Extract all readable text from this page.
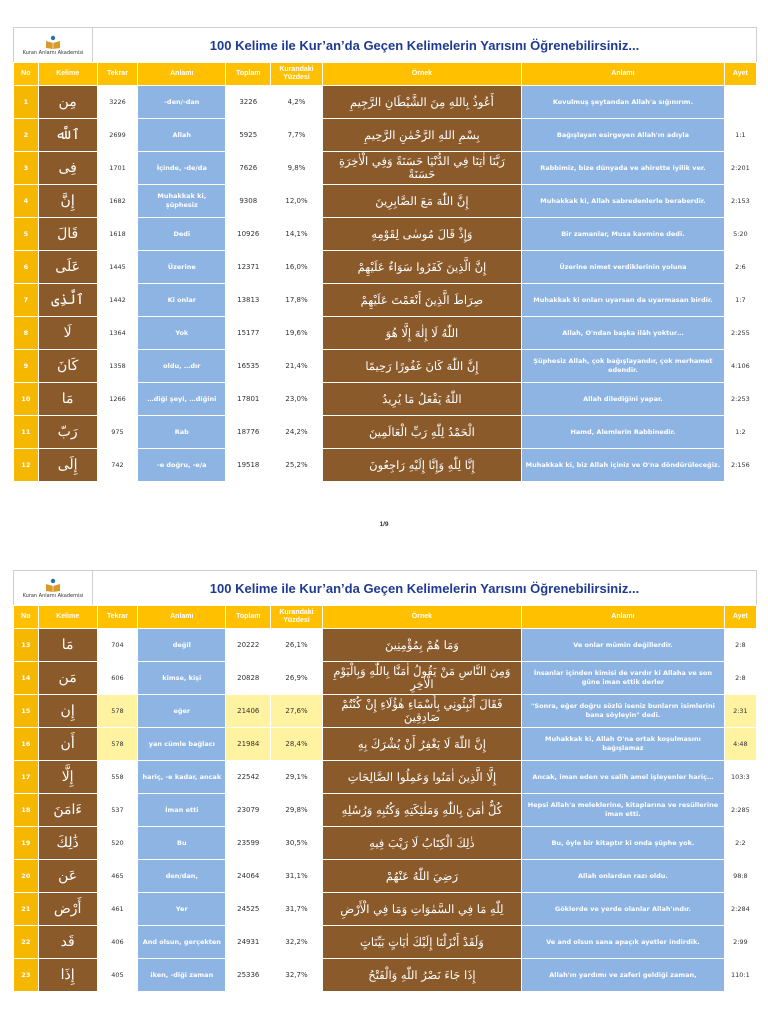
Kuran Anlamı Akademisi	100 Kelime ile Kur’an’da Geçen Kelimelerin Yarısını Öğrenebilirsiniz...
No	Kelime	Tekrar	Anlamı	Toplam	Kurandaki Yüzdesi	Örnek	Anlamı	Ayet
1	مِن	3226	-den/-dan	3226	4,2%	أَعُوذُ بِاللهِ مِنَ الشَّيْطَانِ الرَّجِيمِ	Kovulmuş şeytandan Allah'a sığınırım.	
2	ٱللَّه	2699	Allah	5925	7,7%	بِسْمِ اللهِ الرَّحْمٰنِ الرَّحِيمِ	Bağışlayan esirgeyen Allah'ın adıyla	1:1
3	فِى	1701	İçinde, -de/da	7626	9,8%	رَبَّنَا اٰتِنَا فِي الدُّنْيَا حَسَنَةً وَفِي الْاٰخِرَةِ حَسَنَةً	Rabbimiz, bize dünyada ve ahirette iyilik ver.	2:201
4	إِنَّ	1682	Muhakkak ki, şüphesiz	9308	12,0%	إِنَّ اللّٰهَ مَعَ الصَّابِرِينَ	Muhakkak ki, Allah sabredenlerle beraberdir.	2:153
5	قَالَ	1618	Dedi	10926	14,1%	وَإِذْ قَالَ مُوسٰى لِقَوْمِهِ	Bir zamanlar, Musa kavmine dedi.	5:20
6	عَلَى	1445	Üzerine	12371	16,0%	إِنَّ الَّذِينَ كَفَرُوا سَوَاءٌ عَلَيْهِمْ	Üzerine nimet verdiklerinin yoluna	2:6
7	ٱلَّذِى	1442	Ki onlar	13813	17,8%	صِرَاطَ الَّذِينَ أَنْعَمْتَ عَلَيْهِمْ	Muhakkak ki onları uyarsan da uyarmasan birdir.	1:7
8	لَا	1364	Yok	15177	19,6%	اللّٰهُ لَا إِلٰهَ إِلَّا هُوَ	Allah, O'ndan başka ilâh yoktur…	2:255
9	كَانَ	1358	oldu, …dır	16535	21,4%	إِنَّ اللّٰهَ كَانَ غَفُورًا رَحِيمًا	Şüphesiz Allah, çok bağışlayandır, çok merhamet edendir.	4:106
10	مَا	1266	…diği şeyi, …diğini	17801	23,0%	اللّٰهُ يَفْعَلُ مَا يُرِيدُ	Allah dilediğini yapar.	2:253
11	رَبّ	975	Rab	18776	24,2%	الْحَمْدُ لِلّٰهِ رَبِّ الْعَالَمِينَ	Hamd, Alemlerin Rabbinedir.	1:2
12	إِلَى	742	-e doğru, -e/a	19518	25,2%	إِنَّا لِلّٰهِ وَإِنَّا إِلَيْهِ رَاجِعُونَ	Muhakkak ki, biz Allah içiniz ve O'na döndürüleceğiz.	2:156
1/9
Kuran Anlamı Akademisi	100 Kelime ile Kur’an’da Geçen Kelimelerin Yarısını Öğrenebilirsiniz...
No	Kelime	Tekrar	Anlamı	Toplam	Kurandaki Yüzdesi	Örnek	Anlamı	Ayet
13	مَا	704	değil	20222	26,1%	وَمَا هُمْ بِمُؤْمِنِينَ	Ve onlar mümin değillerdir.	2:8
14	مَن	606	kimse, kişi	20828	26,9%	وَمِنَ النَّاسِ مَنْ يَقُولُ اٰمَنَّا بِاللّٰهِ وَبِالْيَوْمِ الْاٰخِرِ	İnsanlar içinden kimisi de vardır ki Allaha ve son güne iman ettik derler	2:8
15	إِن	578	eğer	21406	27,6%	فَقَالَ أَنْبِئُونِي بِأَسْمَاءِ هٰؤُلَاءِ إِنْ كُنْتُمْ صَادِقِينَ	"Sonra, eğer doğru sözlü iseniz bunların isimlerini bana söyleyin" dedi.	2:31
16	أَن	578	yan cümle bağlacı	21984	28,4%	إِنَّ اللّٰهَ لَا يَغْفِرُ أَنْ يُشْرَكَ بِهِ	Muhakkak ki, Allah O'na ortak koşulmasını bağışlamaz	4:48
17	إِلَّا	558	hariç, -e kadar, ancak	22542	29,1%	إِلَّا الَّذِينَ اٰمَنُوا وَعَمِلُوا الصَّالِحَاتِ	Ancak, iman eden ve salih amel işleyenler hariç…	103:3
18	ءَامَنَ	537	İman etti	23079	29,8%	كُلٌّ اٰمَنَ بِاللّٰهِ وَمَلٰئِكَتِهِ وَكُتُبِهِ وَرُسُلِهِ	Hepsi Allah'a meleklerine, kitaplarına ve resüllerine iman etti.	2:285
19	ذَٰلِكَ	520	Bu	23599	30,5%	ذٰلِكَ الْكِتَابُ لَا رَيْبَ فِيهِ	Bu, öyle bir kitaptır ki onda şüphe yok.	2:2
20	عَن	465	den/dan,	24064	31,1%	رَضِيَ اللّٰهُ عَنْهُمْ	Allah onlardan razı oldu.	98:8
21	أَرْض	461	Yer	24525	31,7%	لِلّٰهِ مَا فِي السَّمٰوَاتِ وَمَا فِي الْأَرْضِ	Göklerde ve yerde olanlar Allah'ındır.	2:284
22	قَد	406	And olsun, gerçekten	24931	32,2%	وَلَقَدْ أَنْزَلْنَا إِلَيْكَ اٰيَاتٍ بَيِّنَاتٍ	Ve and olsun sana apaçık ayetler indirdik.	2:99
23	إِذَا	405	iken, -diği zaman	25336	32,7%	إِذَا جَاءَ نَصْرُ اللّٰهِ وَالْفَتْحُ	Allah'ın yardımı ve zaferi geldiği zaman,	110:1
